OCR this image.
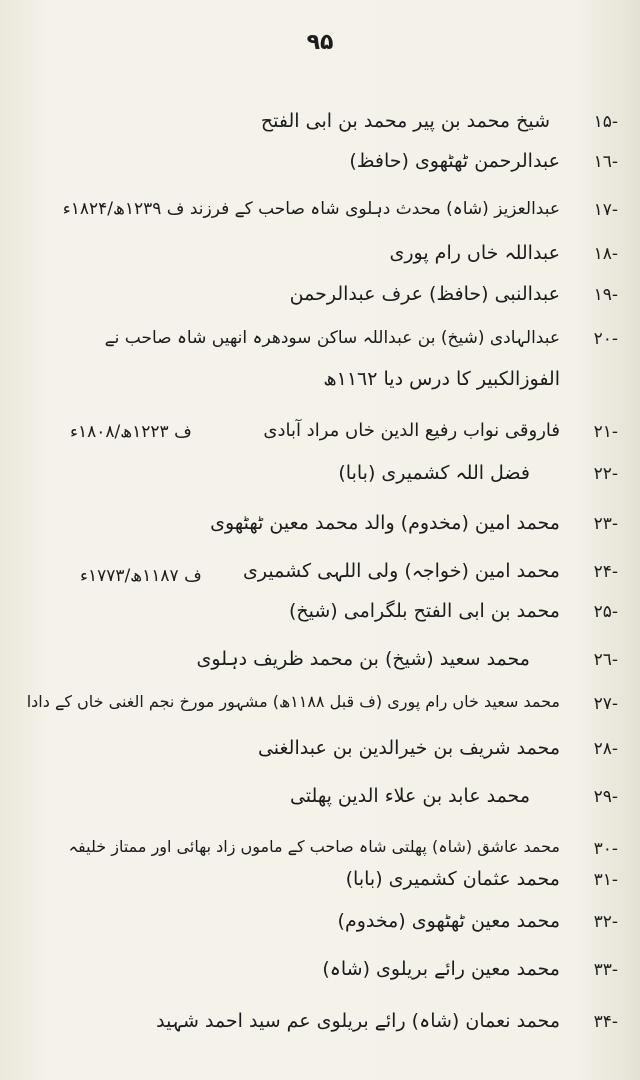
٩۵
١۵-
شیخ محمد بن پیر محمد بن ابی الفتح
١٦-
عبدالرحمن ٹھٹھوی (حافظ)
١٧-
عبدالعزیز (شاہ) محدث دہلوی شاہ صاحب کے فرزند ف ١٢٣٩ھ/١٨٢۴ء
١٨-
عبداللہ خاں رام پوری
١٩-
عبدالنبی (حافظ) عرف عبدالرحمن
٢٠-
عبدالہادی (شیخ) بن عبداللہ ساکن سودھرہ انھیں شاہ صاحب نے
الفوزالکبیر کا درس دیا ١١٦٢ھ
٢١-
فاروقی نواب رفیع الدین خاں مراد آبادی
ف ١٢٢٣ھ/١٨٠٨ء
٢٢-
فضل اللہ کشمیری (بابا)
٢٣-
محمد امین (مخدوم) والد محمد معین ٹھٹھوی
٢۴-
محمد امین (خواجہ) ولی اللہی کشمیری
ف ١١٨٧ھ/١٧٧٣ء
٢۵-
محمد بن ابی الفتح بلگرامی (شیخ)
٢٦-
محمد سعید (شیخ) بن محمد ظریف دہلوی
٢٧-
محمد سعید خاں رام پوری (ف قبل ١١٨٨ھ) مشہور مورخ نجم الغنی خاں کے دادا
٢٨-
محمد شریف بن خیرالدین بن عبدالغنی
٢٩-
محمد عابد بن علاء الدین پھلتی
٣٠-
محمد عاشق (شاہ) پھلتی شاہ صاحب کے ماموں زاد بھائی اور ممتاز خلیفہ
٣١-
محمد عثمان کشمیری (بابا)
٣٢-
محمد معین ٹھٹھوی (مخدوم)
٣٣-
محمد معین رائے بریلوی (شاہ)
٣۴-
محمد نعمان (شاہ) رائے بریلوی عم سید احمد شہید
